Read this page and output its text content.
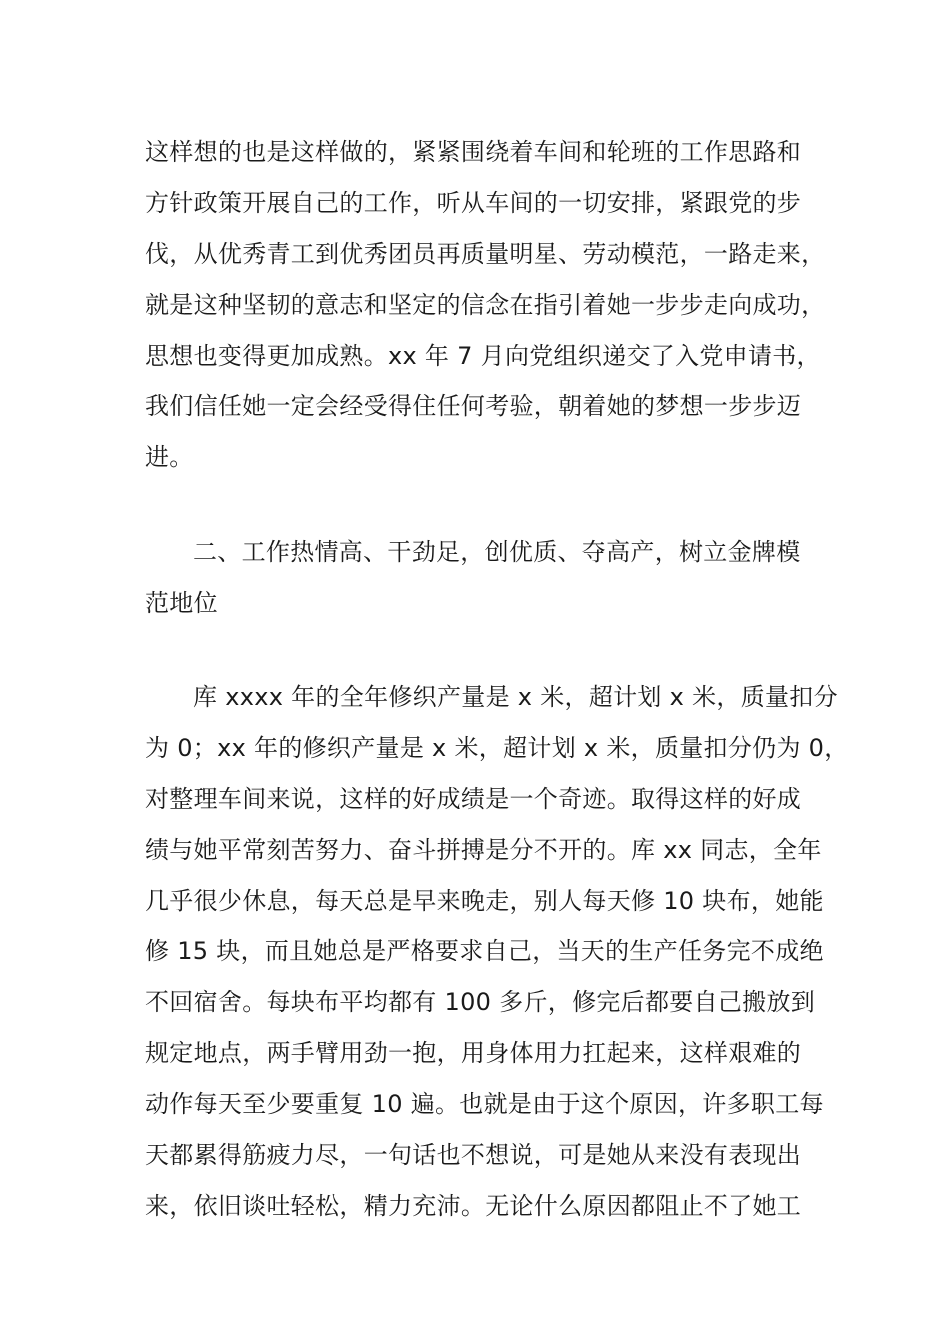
这样想的也是这样做的，紧紧围绕着车间和轮班的工作思路和
方针政策开展自己的工作，听从车间的一切安排，紧跟党的步
伐，从优秀青工到优秀团员再质量明星、劳动模范，一路走来，
就是这种坚韧的意志和坚定的信念在指引着她一步步走向成功，
思想也变得更加成熟。xx 年 7 月向党组织递交了入党申请书，
我们信任她一定会经受得住任何考验，朝着她的梦想一步步迈
进。
二、工作热情高、干劲足，创优质、夺高产，树立金牌模
范地位
库 xxxx 年的全年修织产量是 x 米，超计划 x 米，质量扣分
为 0；xx 年的修织产量是 x 米，超计划 x 米，质量扣分仍为 0，
对整理车间来说，这样的好成绩是一个奇迹。取得这样的好成
绩与她平常刻苦努力、奋斗拼搏是分不开的。库 xx 同志，全年
几乎很少休息，每天总是早来晚走，别人每天修 10 块布，她能
修 15 块，而且她总是严格要求自己，当天的生产任务完不成绝
不回宿舍。每块布平均都有 100 多斤，修完后都要自己搬放到
规定地点，两手臂用劲一抱，用身体用力扛起来，这样艰难的
动作每天至少要重复 10 遍。也就是由于这个原因，许多职工每
天都累得筋疲力尽，一句话也不想说，可是她从来没有表现出
来，依旧谈吐轻松，精力充沛。无论什么原因都阻止不了她工
